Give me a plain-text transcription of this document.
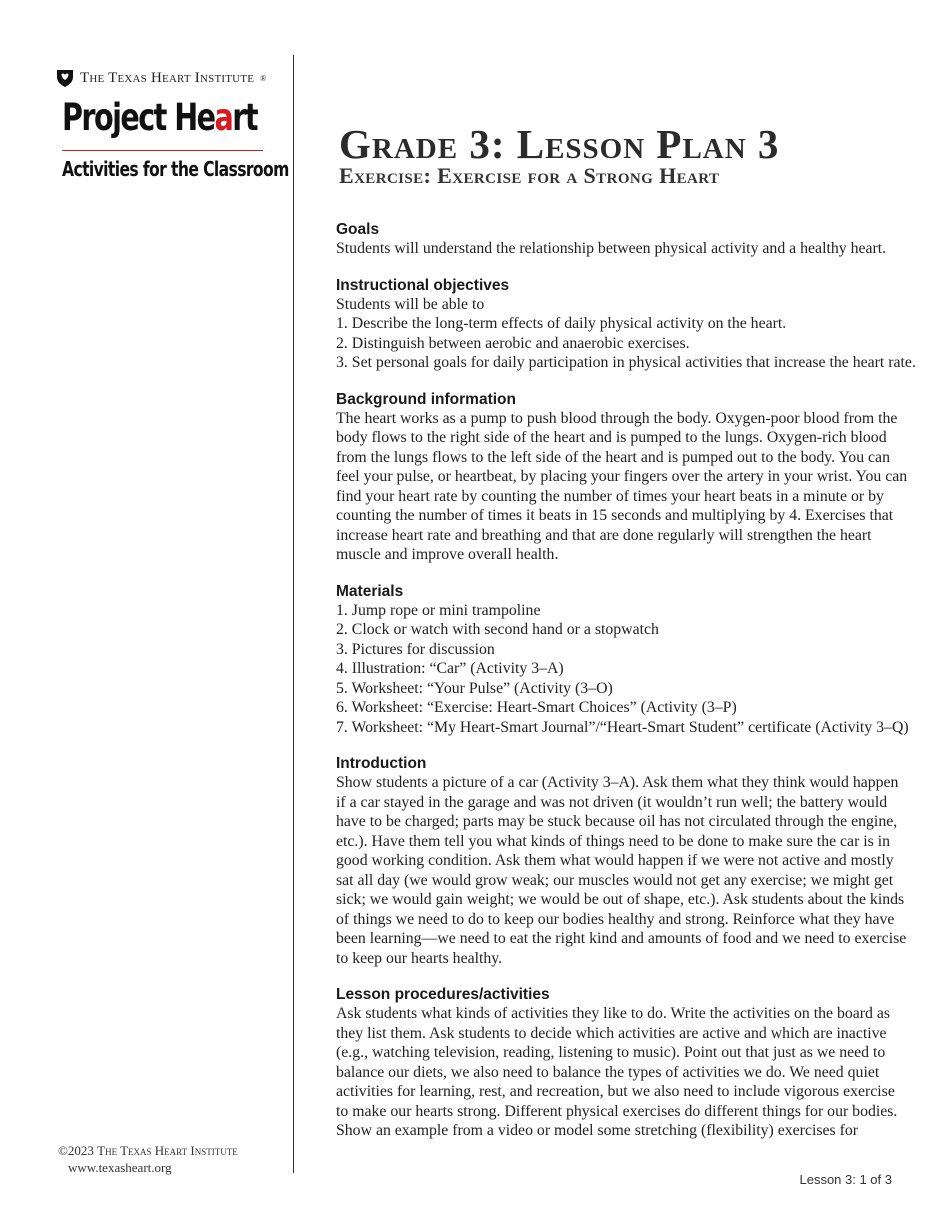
The Texas Heart Institute ®
Project Heart
Activities for the Classroom
©2023 The Texas Heart Institute
www.texasheart.org
Grade 3: Lesson Plan 3
Exercise: Exercise for a Strong Heart
Goals

Students will understand the relationship between physical activity and a healthy heart.

Instructional objectives

Students will be able to

1. Describe the long-term effects of daily physical activity on the heart.
2. Distinguish between aerobic and anaerobic exercises.
3. Set personal goals for daily participation in physical activities that increase the heart rate.
Background information

The heart works as a pump to push blood through the body. Oxygen-poor blood from the body flows to the right side of the heart and is pumped to the lungs. Oxygen-rich blood from the lungs flows to the left side of the heart and is pumped out to the body. You can feel your pulse, or heartbeat, by placing your fingers over the artery in your wrist. You can find your heart rate by counting the number of times your heart beats in a minute or by counting the number of times it beats in 15 seconds and multiplying by 4. Exercises that increase heart rate and breathing and that are done regularly will strengthen the heart muscle and improve overall health.

Materials
1. Jump rope or mini trampoline
2. Clock or watch with second hand or a stopwatch
3. Pictures for discussion
4. Illustration: “Car” (Activity 3–A)
5. Worksheet: “Your Pulse” (Activity (3–O)
6. Worksheet: “Exercise: Heart-Smart Choices” (Activity (3–P)
7. Worksheet: “My Heart-Smart Journal”/“Heart-Smart Student” certificate (Activity 3–Q)
Introduction

Show students a picture of a car (Activity 3–A). Ask them what they think would happen if a car stayed in the garage and was not driven (it wouldn’t run well; the battery would have to be charged; parts may be stuck because oil has not circulated through the engine, etc.). Have them tell you what kinds of things need to be done to make sure the car is in good working condition. Ask them what would happen if we were not active and mostly sat all day (we would grow weak; our muscles would not get any exercise; we might get sick; we would gain weight; we would be out of shape, etc.). Ask students about the kinds of things we need to do to keep our bodies healthy and strong. Reinforce what they have been learning—we need to eat the right kind and amounts of food and we need to exercise to keep our hearts healthy.

Lesson procedures/activities

Ask students what kinds of activities they like to do. Write the activities on the board as they list them. Ask students to decide which activities are active and which are inactive (e.g., watching television, reading, listening to music). Point out that just as we need to balance our diets, we also need to balance the types of activities we do. We need quiet activities for learning, rest, and recreation, but we also need to include vigorous exercise to make our hearts strong. Different physical exercises do different things for our bodies. Show an example from a video or model some stretching (flexibility) exercises for

Lesson 3: 1 of 3
